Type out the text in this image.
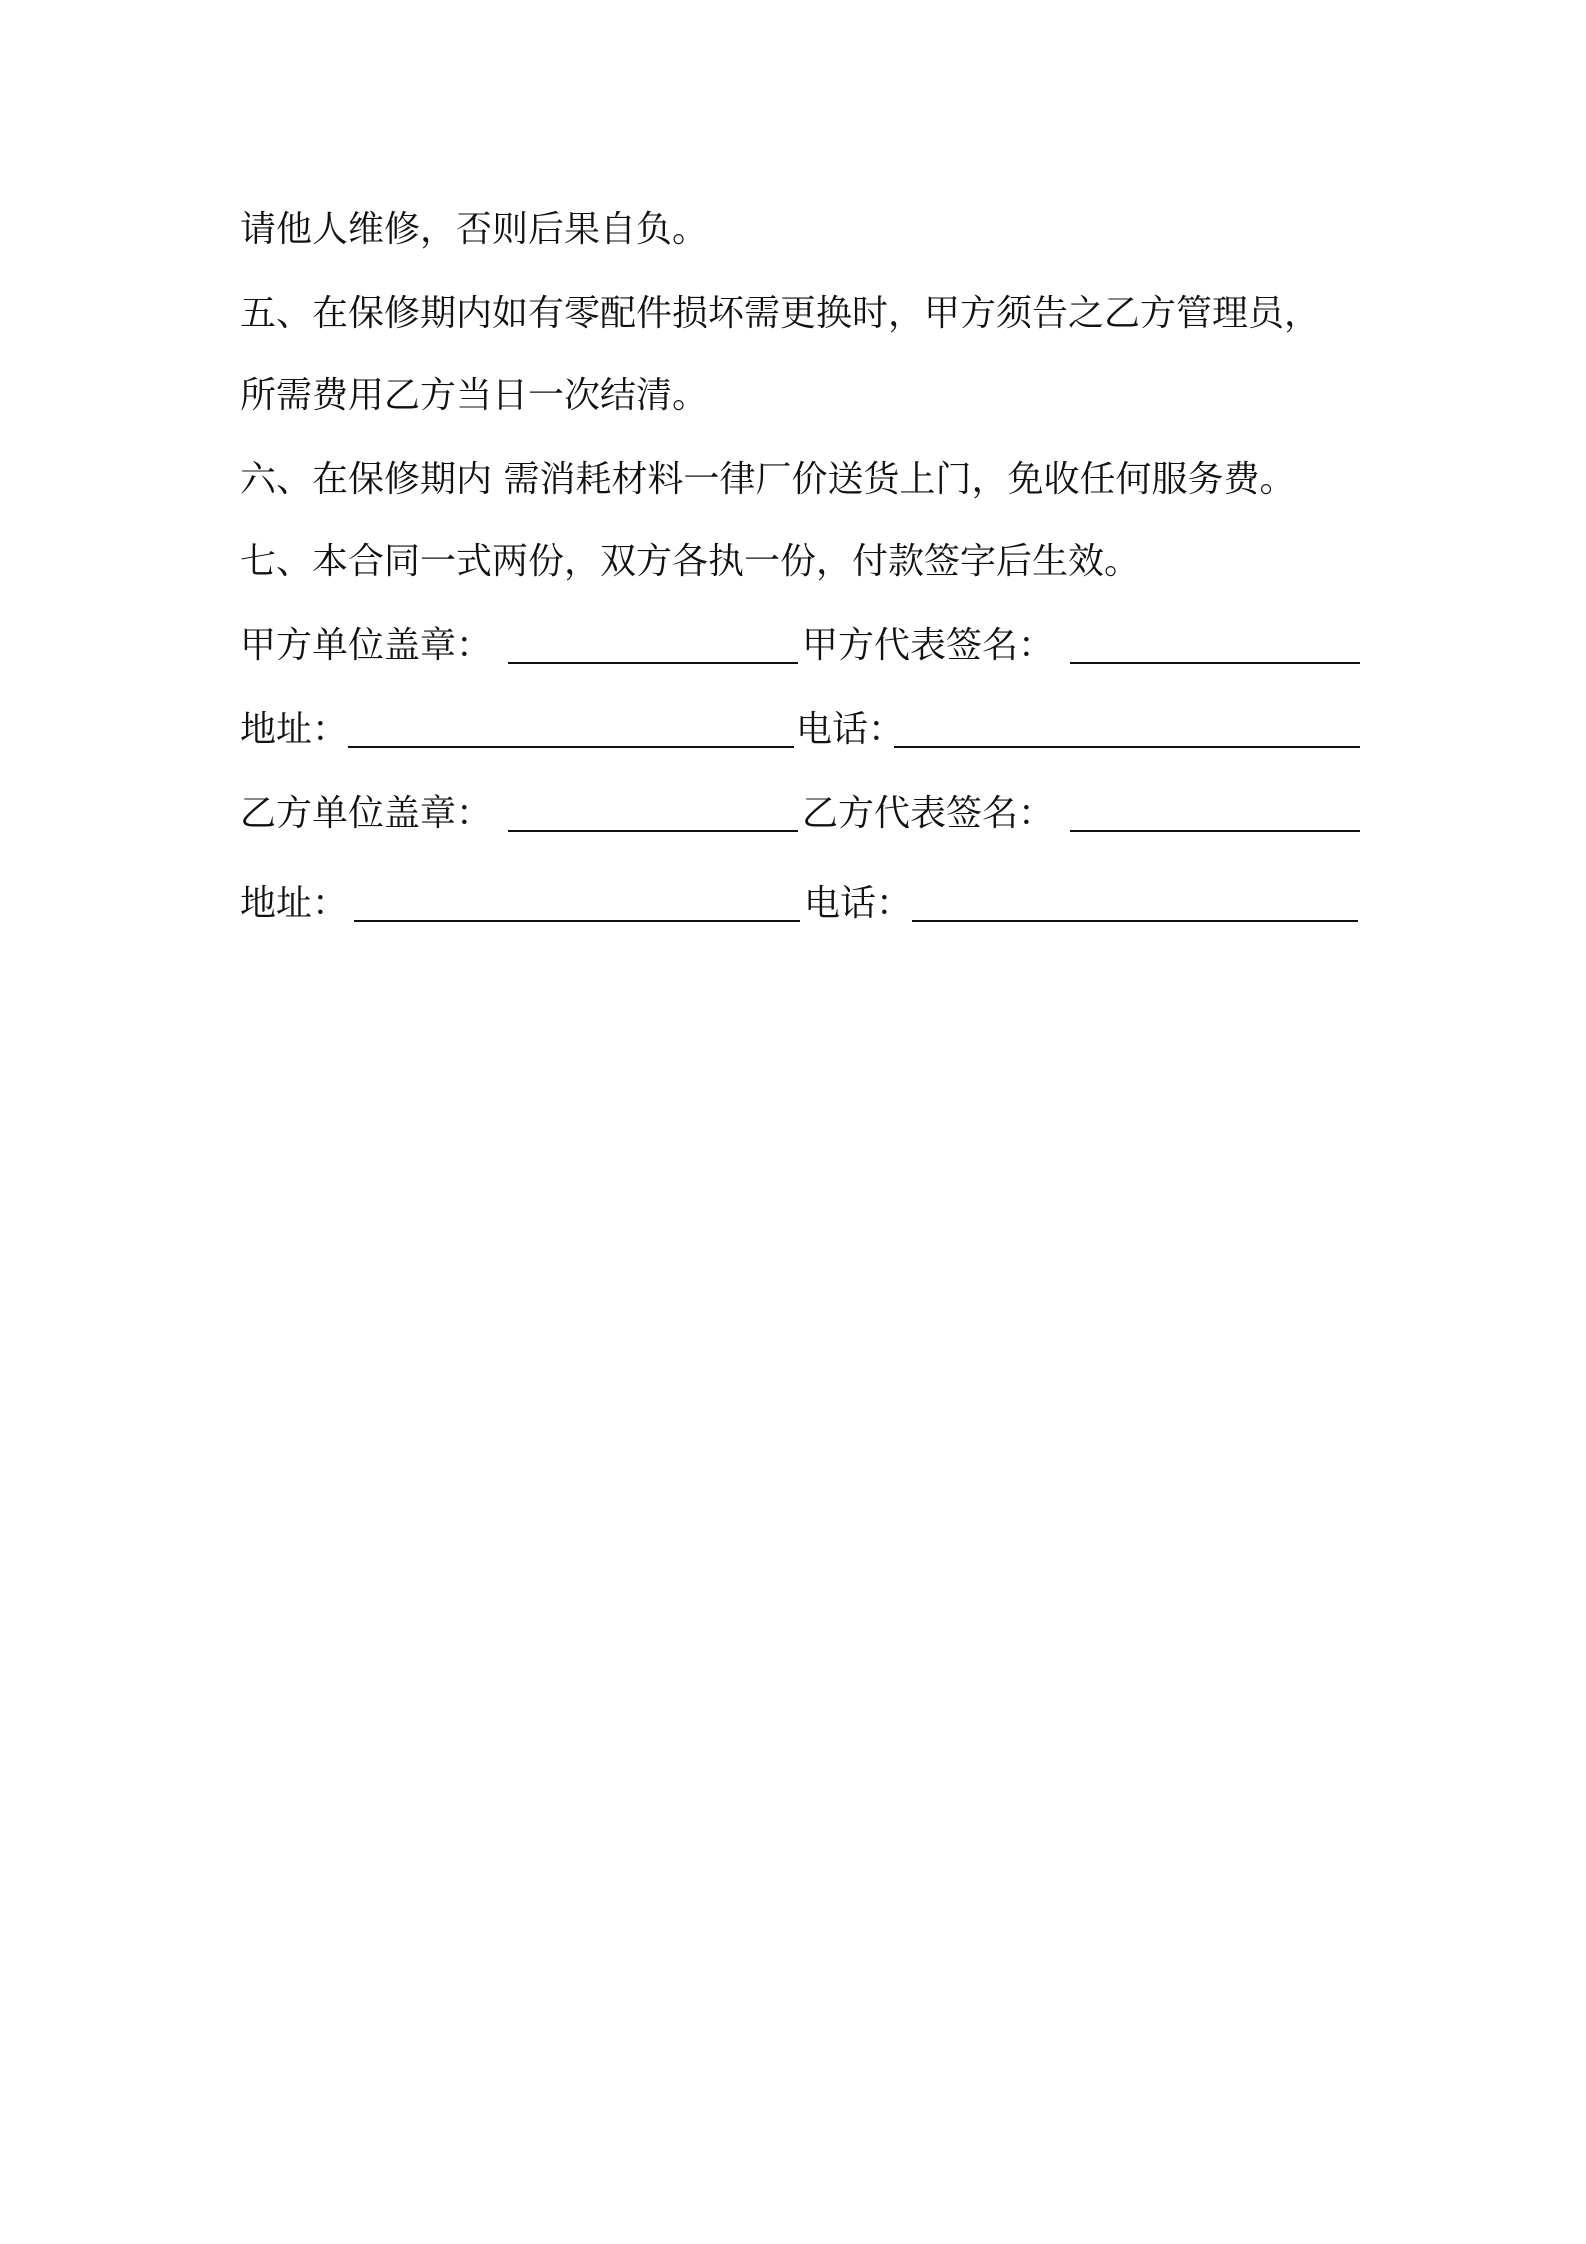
请他人维修，否则后果自负。
五、在保修期内如有零配件损坏需更换时，甲方须告之乙方管理员，
所需费用乙方当日一次结清。
六、在保修期内 需消耗材料一律厂价送货上门，免收任何服务费。
七、本合同一式两份，双方各执一份，付款签字后生效。
甲方单位盖章：	甲方代表签名：
地址：	电话：
乙方单位盖章：	乙方代表签名：
地址：	电话：
